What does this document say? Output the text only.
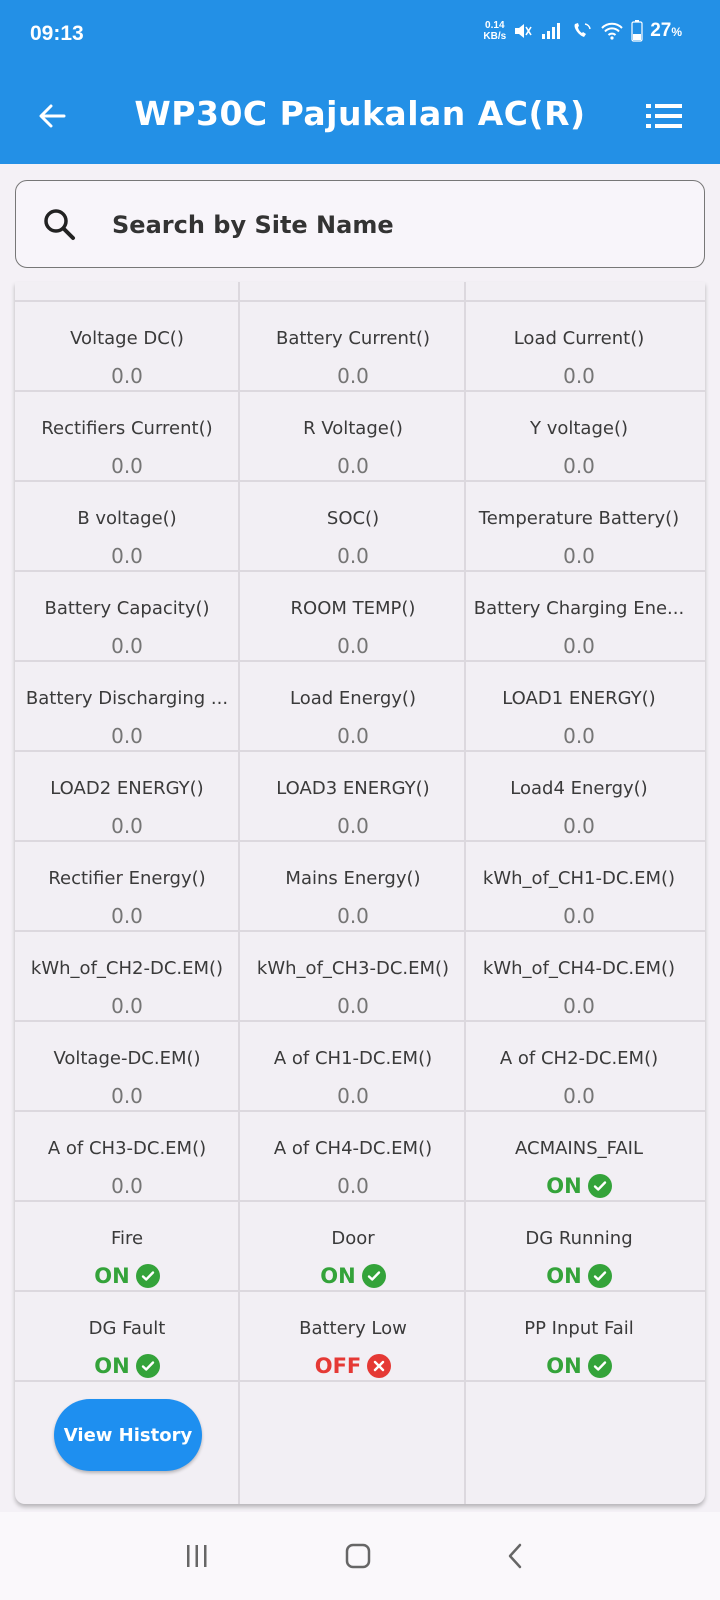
09:13	0.14
KB/s	27%
WP30C Pajukalan AC(R)
Search by Site Name
Voltage DC()
0.0
Battery Current()
0.0
Load Current()
0.0
Rectifiers Current()
0.0
R Voltage()
0.0
Y voltage()
0.0
B voltage()
0.0
SOC()
0.0
Temperature Battery()
0.0
Battery Capacity()
0.0
ROOM TEMP()
0.0
Battery Charging Ene...
0.0
Battery Discharging ...
0.0
Load Energy()
0.0
LOAD1 ENERGY()
0.0
LOAD2 ENERGY()
0.0
LOAD3 ENERGY()
0.0
Load4 Energy()
0.0
Rectifier Energy()
0.0
Mains Energy()
0.0
kWh_of_CH1-DC.EM()
0.0
kWh_of_CH2-DC.EM()
0.0
kWh_of_CH3-DC.EM()
0.0
kWh_of_CH4-DC.EM()
0.0
Voltage-DC.EM()
0.0
A of CH1-DC.EM()
0.0
A of CH2-DC.EM()
0.0
A of CH3-DC.EM()
0.0
A of CH4-DC.EM()
0.0
ACMAINS_FAIL
ON
Fire
ON
Door
ON
DG Running
ON
DG Fault
ON
Battery Low
OFF
PP Input Fail
ON
View History
